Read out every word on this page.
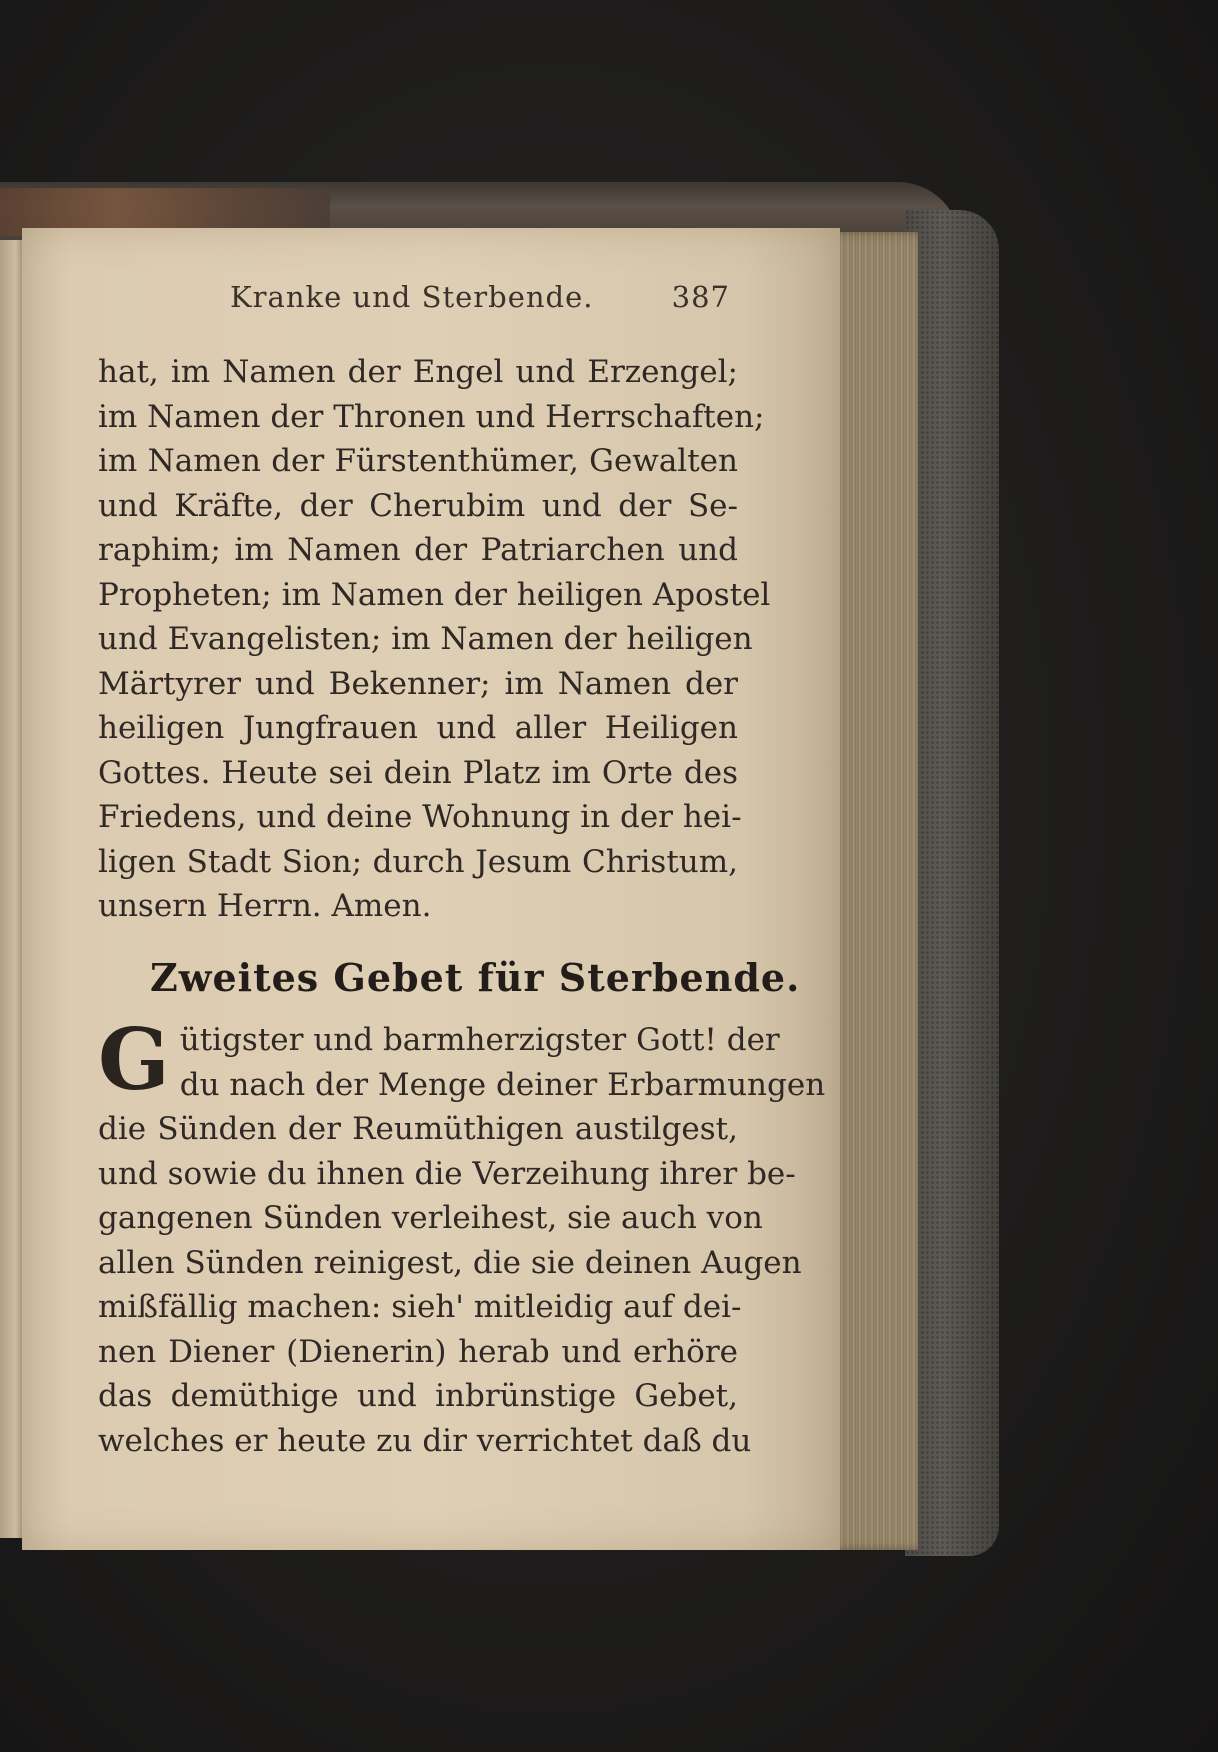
Kranke und Sterbende.	387
hat, im Namen der Engel und Erzengel;
im Namen der Thronen und Herrschaften;
im Namen der Fürstenthümer, Gewalten
und Kräfte, der Cherubim und der Se-
raphim; im Namen der Patriarchen und
Propheten; im Namen der heiligen Apostel
und Evangelisten; im Namen der heiligen
Märtyrer und Bekenner; im Namen der
heiligen Jungfrauen und aller Heiligen
Gottes. Heute sei dein Platz im Orte des
Friedens, und deine Wohnung in der hei-
ligen Stadt Sion; durch Jesum Christum,
unsern Herrn. Amen.
Zweites Gebet für Sterbende.
G ütigster und barmherzigster Gott! der
du nach der Menge deiner Erbarmungen
die Sünden der Reumüthigen austilgest,
und sowie du ihnen die Verzeihung ihrer be-
gangenen Sünden verleihest, sie auch von
allen Sünden reinigest, die sie deinen Augen
mißfällig machen: sieh' mitleidig auf dei-
nen Diener (Dienerin) herab und erhöre
das demüthige und inbrünstige Gebet,
welches er heute zu dir verrichtet daß du
